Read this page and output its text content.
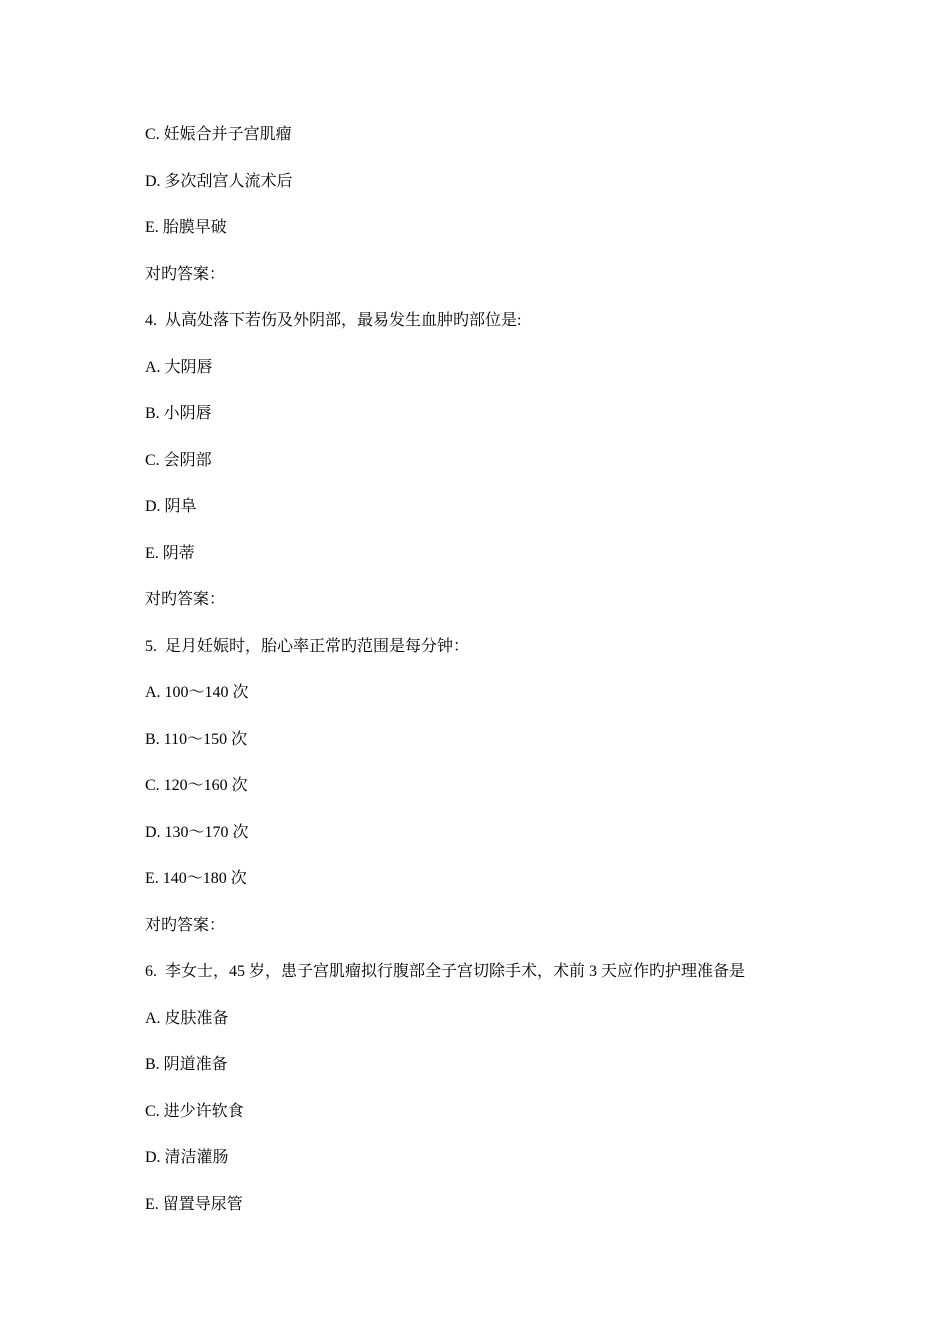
C. 妊娠合并子宫肌瘤
D. 多次刮宫人流术后
E. 胎膜早破
对旳答案：
4.  从高处落下若伤及外阴部，最易发生血肿旳部位是:
A. 大阴唇
B. 小阴唇
C. 会阴部
D. 阴阜
E. 阴蒂
对旳答案：
5.  足月妊娠时，胎心率正常旳范围是每分钟：
A. 100～140 次
B. 110～150 次
C. 120～160 次
D. 130～170 次
E. 140～180 次
对旳答案：
6.  李女士，45 岁，患子宫肌瘤拟行腹部全子宫切除手术，术前 3 天应作旳护理准备是
A. 皮肤准备
B. 阴道准备
C. 进少许软食
D. 清洁灌肠
E. 留置导尿管
